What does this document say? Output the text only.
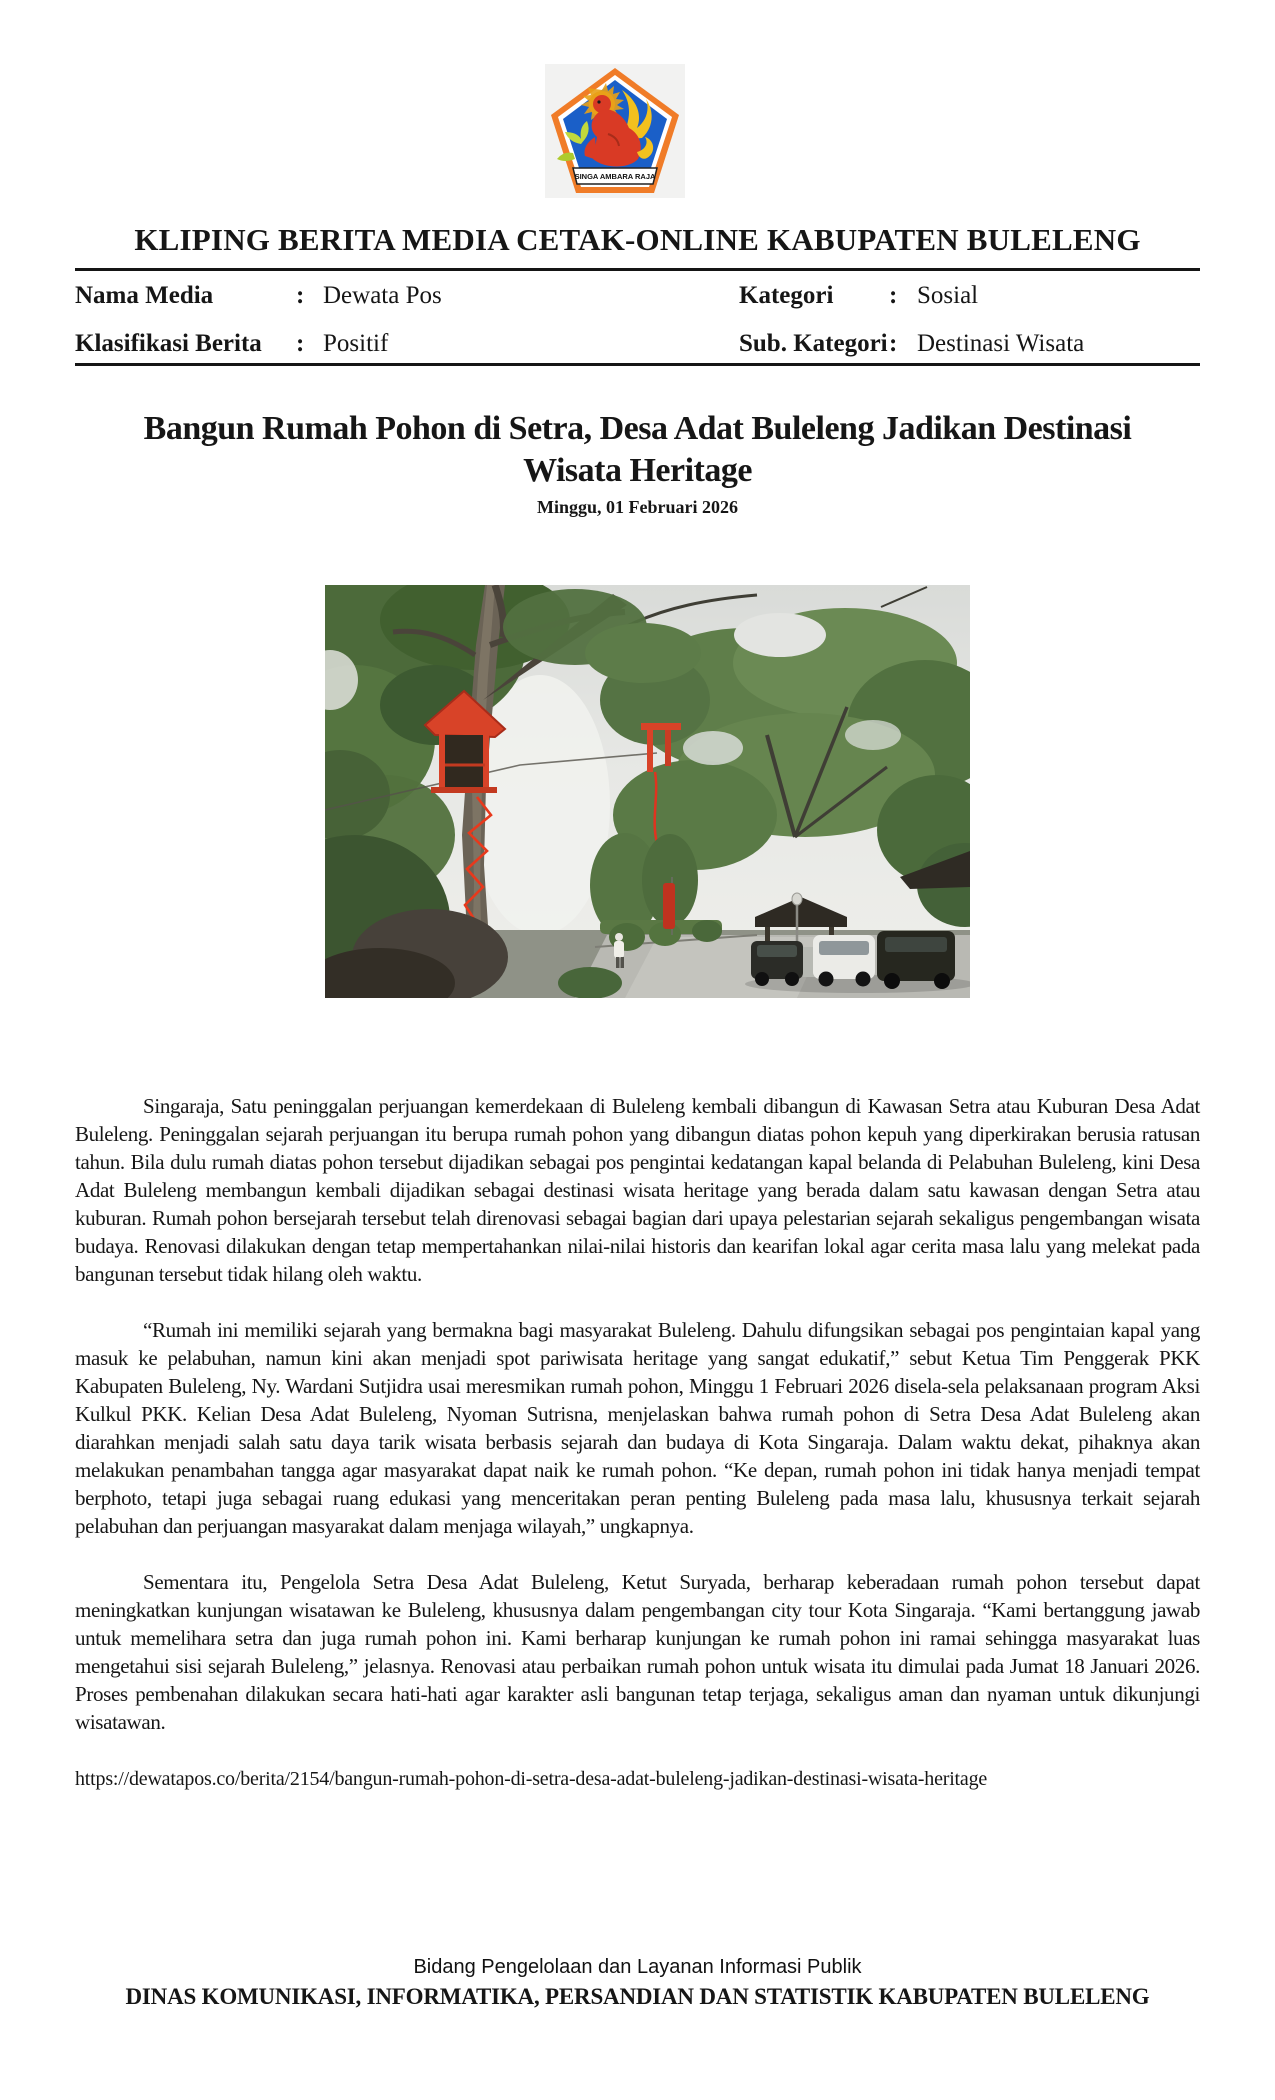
SINGA AMBARA RAJA
KLIPING BERITA MEDIA CETAK-ONLINE KABUPATEN BULELENG
Nama Media	: Dewata Pos	Kategori : Sosial
Klasifikasi Berita : Positif	Sub. Kategori : Destinasi Wisata
Bangun Rumah Pohon di Setra, Desa Adat Buleleng Jadikan Destinasi
Wisata Heritage
Minggu, 01 Februari 2026

Singaraja, Satu peninggalan perjuangan kemerdekaan di Buleleng kembali dibangun di Kawasan Setra atau Kuburan Desa Adat Buleleng. Peninggalan sejarah perjuangan itu berupa rumah pohon yang dibangun diatas pohon kepuh yang diperkirakan berusia ratusan tahun. Bila dulu rumah diatas pohon tersebut dijadikan sebagai pos pengintai kedatangan kapal belanda di Pelabuhan Buleleng, kini Desa Adat Buleleng membangun kembali dijadikan sebagai destinasi wisata heritage yang berada dalam satu kawasan dengan Setra atau kuburan. Rumah pohon bersejarah tersebut telah direnovasi sebagai bagian dari upaya pelestarian sejarah sekaligus pengembangan wisata budaya. Renovasi dilakukan dengan tetap mempertahankan nilai-nilai historis dan kearifan lokal agar cerita masa lalu yang melekat pada bangunan tersebut tidak hilang oleh waktu.

“Rumah ini memiliki sejarah yang bermakna bagi masyarakat Buleleng. Dahulu difungsikan sebagai pos pengintaian kapal yang masuk ke pelabuhan, namun kini akan menjadi spot pariwisata heritage yang sangat edukatif,” sebut Ketua Tim Penggerak PKK Kabupaten Buleleng, Ny. Wardani Sutjidra usai meresmikan rumah pohon, Minggu 1 Februari 2026 disela-sela pelaksanaan program Aksi Kulkul PKK. Kelian Desa Adat Buleleng, Nyoman Sutrisna, menjelaskan bahwa rumah pohon di Setra Desa Adat Buleleng akan diarahkan menjadi salah satu daya tarik wisata berbasis sejarah dan budaya di Kota Singaraja. Dalam waktu dekat, pihaknya akan melakukan penambahan tangga agar masyarakat dapat naik ke rumah pohon. “Ke depan, rumah pohon ini tidak hanya menjadi tempat berphoto, tetapi juga sebagai ruang edukasi yang menceritakan peran penting Buleleng pada masa lalu, khususnya terkait sejarah pelabuhan dan perjuangan masyarakat dalam menjaga wilayah,” ungkapnya.

Sementara itu, Pengelola Setra Desa Adat Buleleng, Ketut Suryada, berharap keberadaan rumah pohon tersebut dapat meningkatkan kunjungan wisatawan ke Buleleng, khususnya dalam pengembangan city tour Kota Singaraja. “Kami bertanggung jawab untuk memelihara setra dan juga rumah pohon ini. Kami berharap kunjungan ke rumah pohon ini ramai sehingga masyarakat luas mengetahui sisi sejarah Buleleng,” jelasnya. Renovasi atau perbaikan rumah pohon untuk wisata itu dimulai pada Jumat 18 Januari 2026. Proses pembenahan dilakukan secara hati-hati agar karakter asli bangunan tetap terjaga, sekaligus aman dan nyaman untuk dikunjungi wisatawan.

https://dewatapos.co/berita/2154/bangun-rumah-pohon-di-setra-desa-adat-buleleng-jadikan-destinasi-wisata-heritage
Bidang Pengelolaan dan Layanan Informasi Publik
DINAS KOMUNIKASI, INFORMATIKA, PERSANDIAN DAN STATISTIK KABUPATEN BULELENG
